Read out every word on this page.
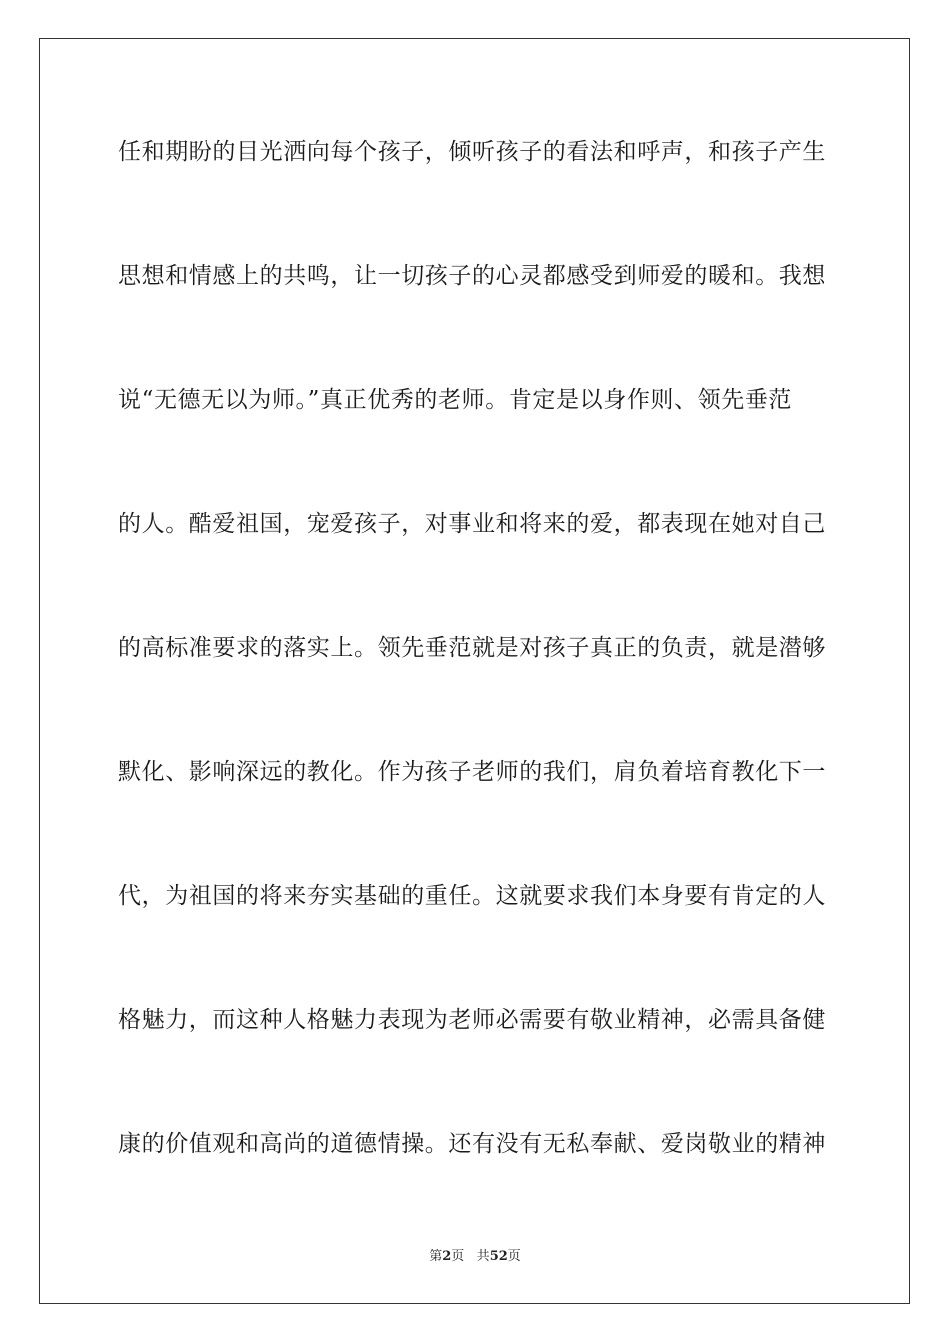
任和期盼的目光洒向每个孩子，倾听孩子的看法和呼声，和孩子产生
思想和情感上的共鸣，让一切孩子的心灵都感受到师爱的暖和。我想
说“无德无以为师。”真正优秀的老师。肯定是以身作则、领先垂范
的人。酷爱祖国，宠爱孩子，对事业和将来的爱，都表现在她对自己
的高标准要求的落实上。领先垂范就是对孩子真正的负责，就是潜够
默化、影响深远的教化。作为孩子老师的我们，肩负着培育教化下一
代，为祖国的将来夯实基础的重任。这就要求我们本身要有肯定的人
格魅力，而这种人格魅力表现为老师必需要有敬业精神，必需具备健
康的价值观和高尚的道德情操。还有没有无私奉献、爱岗敬业的精神
第2页 共52页
